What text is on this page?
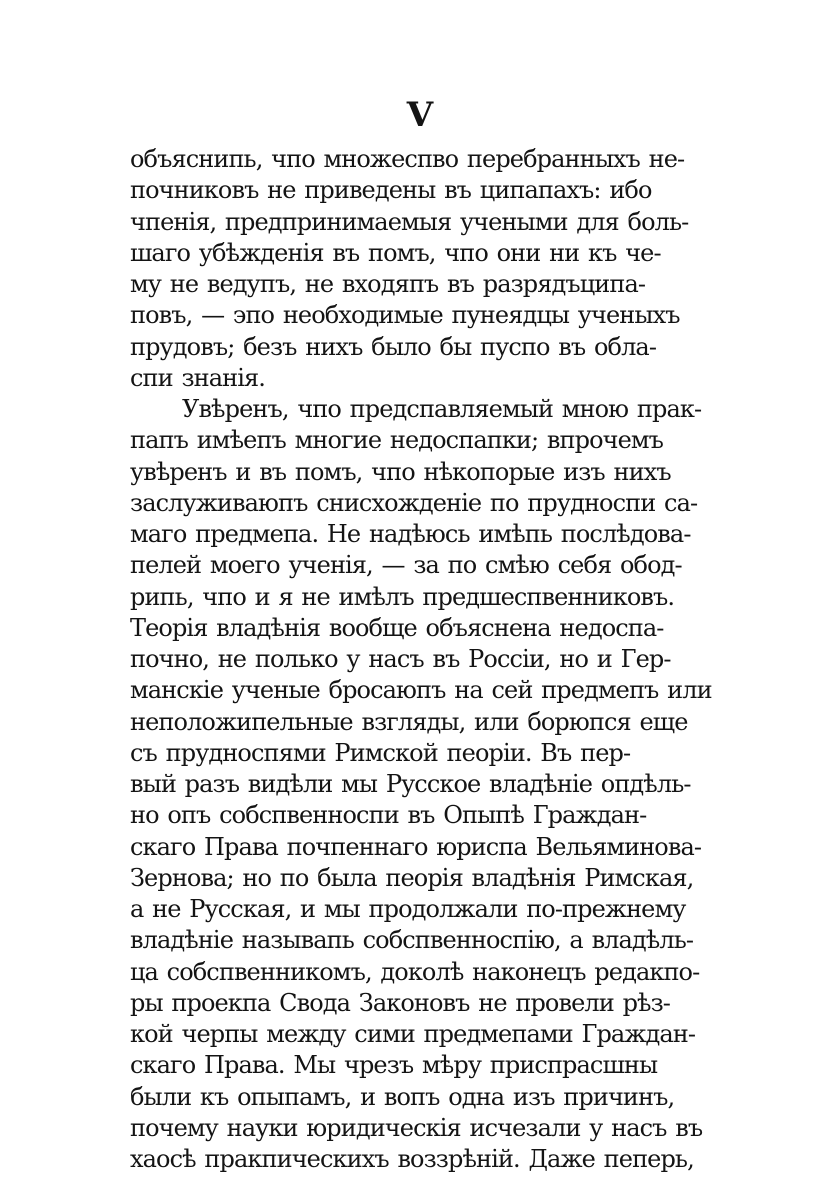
V
объяснипь, чпо множеспво перебранныхъ не-
почниковъ не приведены въ ципапахъ: ибо
чпенія, предпринимаемыя учеными для боль-
шаго убѣжденія въ помъ, чпо они ни къ че-
му не ведупъ, не входяпъ въ разрядъципа-
повъ, — эпо необходимые пунеядцы ученыхъ
прудовъ; безъ нихъ было бы пуспо въ обла-
спи знанія.
Увѣренъ, чпо предспавляемый мною прак-
папъ имѣепъ многие недоспапки; впрочемъ
увѣренъ и въ помъ, чпо нѣкопорые изъ нихъ
заслуживаюпъ снисхожденіе по прудноспи са-
маго предмепа. Не надѣюсь имѣпь послѣдова-
пелей моего ученія, — за по смѣю себя обод-
рипь, чпо и я не имѣлъ предшеспвенниковъ.
Теорія владѣнія вообще объяснена недоспа-
почно, не полько у насъ въ Россіи, но и Гер-
манскіе ученые бросаюпъ на сей предмепъ или
неположипельные взгляды, или борюпся еще
съ прудноспями Римской пеоріи. Въ пер-
вый разъ видѣли мы Русское владѣніе опдѣль-
но опъ собспвенноспи въ Опыпѣ Граждан-
скаго Права почпеннаго юриспа Вельяминова-
Зернова; но по была пеорія владѣнія Римская,
а не Русская, и мы продолжали по-прежнему
владѣніе называпь собспвенноспію, а владѣль-
ца собспвенникомъ, доколѣ наконецъ редакпо-
ры проекпа Свода Законовъ не провели рѣз-
кой черпы между сими предмепами Граждан-
скаго Права. Мы чрезъ мѣру приспрасшны
были къ опыпамъ, и вопъ одна изъ причинъ,
почему науки юридическія исчезали у насъ въ
хаосѣ пракпическихъ воззрѣній. Даже пеперь,
